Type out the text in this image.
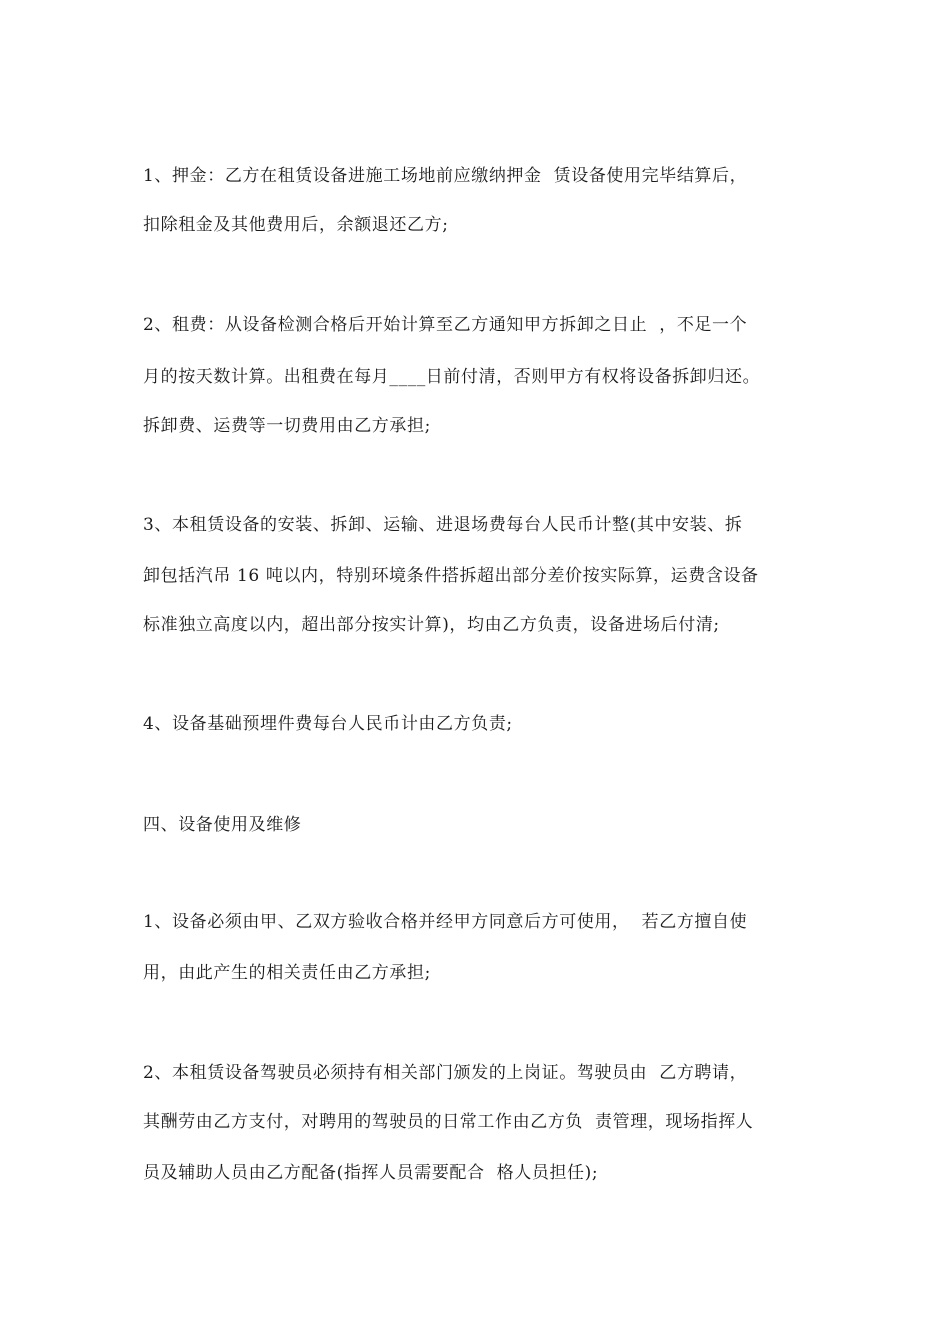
1、押金：乙方在租赁设备进施工场地前应缴纳押金  赁设备使用完毕结算后，
扣除租金及其他费用后，余额退还乙方;
2、租费：从设备检测合格后开始计算至乙方通知甲方拆卸之日止  ，不足一个
月的按天数计算。出租费在每月____日前付清，否则甲方有权将设备拆卸归还。
拆卸费、运费等一切费用由乙方承担;
3、本租赁设备的安装、拆卸、运输、进退场费每台人民币计整(其中安装、拆
卸包括汽吊 16 吨以内，特别环境条件搭拆超出部分差价按实际算，运费含设备
标准独立高度以内，超出部分按实计算)，均由乙方负责，设备进场后付清;
4、设备基础预埋件费每台人民币计由乙方负责;
四、设备使用及维修
1、设备必须由甲、乙双方验收合格并经甲方同意后方可使用，  若乙方擅自使
用，由此产生的相关责任由乙方承担;
2、本租赁设备驾驶员必须持有相关部门颁发的上岗证。驾驶员由  乙方聘请，
其酬劳由乙方支付，对聘用的驾驶员的日常工作由乙方负  责管理，现场指挥人
员及辅助人员由乙方配备(指挥人员需要配合  格人员担任);
